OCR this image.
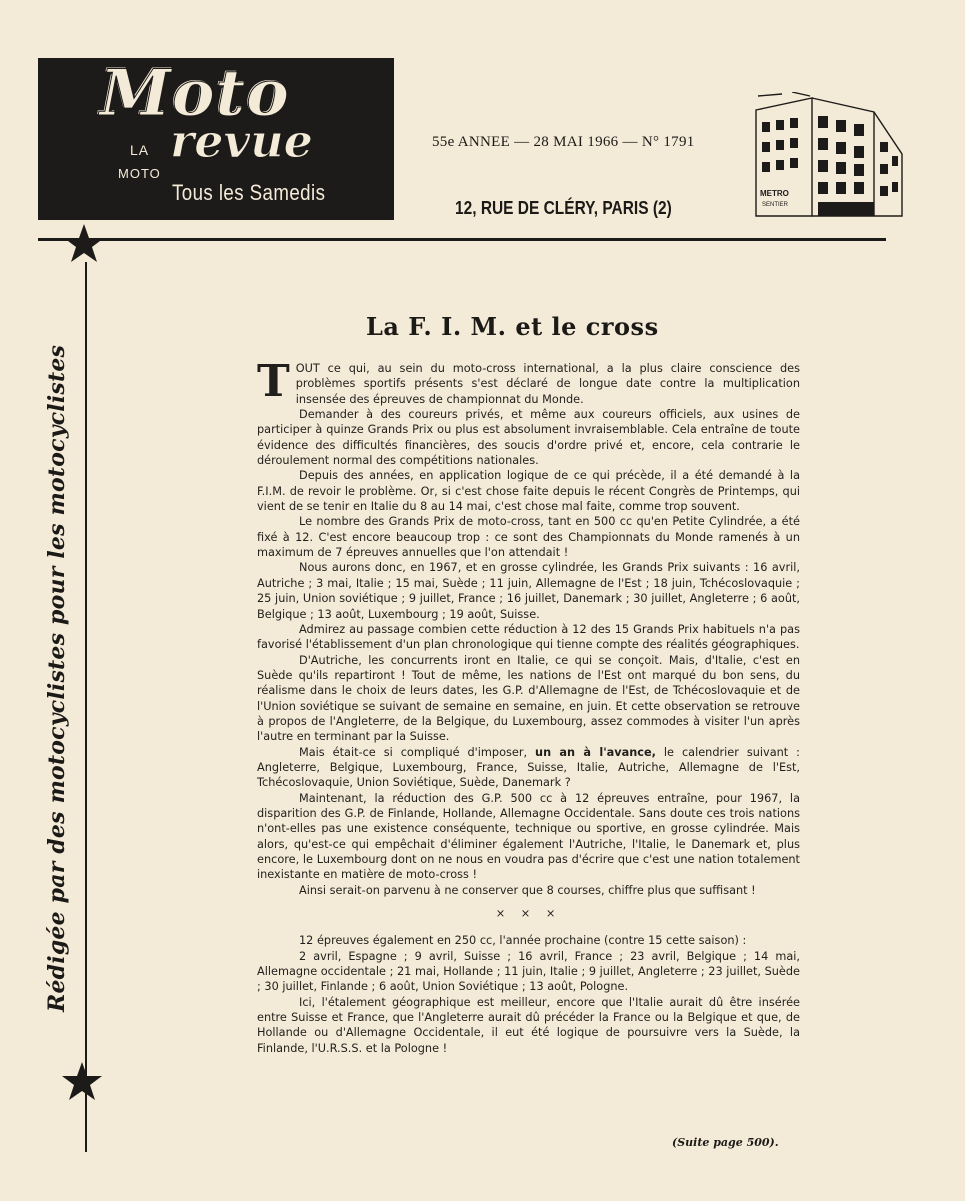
Moto
LA
MOTO
revue
Tous les Samedis
55e ANNEE — 28 MAI 1966 — N° 1791
12, RUE DE CLÉRY, PARIS (2)
METRO
SENTIER
Rédigée par des motocyclistes pour les motocyclistes
La F. I. M. et le cross

TOUT ce qui, au sein du moto-cross international, a la plus claire conscience des problèmes sportifs présents s'est déclaré de longue date contre la multiplication insensée des épreuves de championnat du Monde.

Demander à des coureurs privés, et même aux coureurs officiels, aux usines de participer à quinze Grands Prix ou plus est absolument invraisemblable. Cela entraîne de toute évidence des difficultés financières, des soucis d'ordre privé et, encore, cela contrarie le déroulement normal des compétitions nationales.

Depuis des années, en application logique de ce qui précède, il a été demandé à la F.I.M. de revoir le problème. Or, si c'est chose faite depuis le récent Congrès de Printemps, qui vient de se tenir en Italie du 8 au 14 mai, c'est chose mal faite, comme trop souvent.

Le nombre des Grands Prix de moto-cross, tant en 500 cc qu'en Petite Cylindrée, a été fixé à 12. C'est encore beaucoup trop : ce sont des Championnats du Monde ramenés à un maximum de 7 épreuves annuelles que l'on attendait !

Nous aurons donc, en 1967, et en grosse cylindrée, les Grands Prix suivants : 16 avril, Autriche ; 3 mai, Italie ; 15 mai, Suède ; 11 juin, Allemagne de l'Est ; 18 juin, Tchécoslovaquie ; 25 juin, Union soviétique ; 9 juillet, France ; 16 juillet, Danemark ; 30 juillet, Angleterre ; 6 août, Belgique ; 13 août, Luxembourg ; 19 août, Suisse.

Admirez au passage combien cette réduction à 12 des 15 Grands Prix habituels n'a pas favorisé l'établissement d'un plan chronologique qui tienne compte des réalités géographiques.

D'Autriche, les concurrents iront en Italie, ce qui se conçoit. Mais, d'Italie, c'est en Suède qu'ils repartiront ! Tout de même, les nations de l'Est ont marqué du bon sens, du réalisme dans le choix de leurs dates, les G.P. d'Allemagne de l'Est, de Tchécoslovaquie et de l'Union soviétique se suivant de semaine en semaine, en juin. Et cette observation se retrouve à propos de l'Angleterre, de la Belgique, du Luxembourg, assez commodes à visiter l'un après l'autre en terminant par la Suisse.

Mais était-ce si compliqué d'imposer, un an à l'avance, le calendrier suivant : Angleterre, Belgique, Luxembourg, France, Suisse, Italie, Autriche, Allemagne de l'Est, Tchécoslovaquie, Union Soviétique, Suède, Danemark ?

Maintenant, la réduction des G.P. 500 cc à 12 épreuves entraîne, pour 1967, la disparition des G.P. de Finlande, Hollande, Allemagne Occidentale. Sans doute ces trois nations n'ont-elles pas une existence conséquente, technique ou sportive, en grosse cylindrée. Mais alors, qu'est-ce qui empêchait d'éliminer également l'Autriche, l'Italie, le Danemark et, plus encore, le Luxembourg dont on ne nous en voudra pas d'écrire que c'est une nation totalement inexistante en matière de moto-cross !

Ainsi serait-on parvenu à ne conserver que 8 courses, chiffre plus que suffisant !

× × ×

12 épreuves également en 250 cc, l'année prochaine (contre 15 cette saison) :

2 avril, Espagne ; 9 avril, Suisse ; 16 avril, France ; 23 avril, Belgique ; 14 mai, Allemagne occidentale ; 21 mai, Hollande ; 11 juin, Italie ; 9 juillet, Angleterre ; 23 juillet, Suède ; 30 juillet, Finlande ; 6 août, Union Soviétique ; 13 août, Pologne.

Ici, l'étalement géographique est meilleur, encore que l'Italie aurait dû être insérée entre Suisse et France, que l'Angleterre aurait dû précéder la France ou la Belgique et que, de Hollande ou d'Allemagne Occidentale, il eut été logique de poursuivre vers la Suède, la Finlande, l'U.R.S.S. et la Pologne !

(Suite page 500).
